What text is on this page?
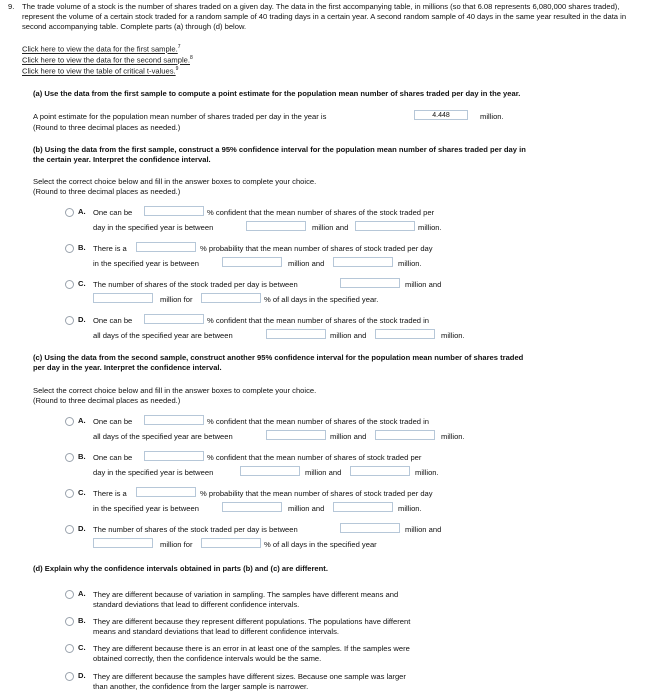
9. The trade volume of a stock is the number of shares traded on a given day. The data in the first accompanying table, in millions (so that 6.08 represents 6,080,000 shares traded), represent the volume of a certain stock traded for a random sample of 40 trading days in a certain year. A second random sample of 40 days in the same year resulted in the data in second accompanying table. Complete parts (a) through (d) below.
Click here to view the data for the first sample.$^7$
Click here to view the data for the second sample.$^8$
Click here to view the table of critical t-values.$^9$
(a) Use the data from the first sample to compute a point estimate for the population mean number of shares traded per day in the year.
A point estimate for the population mean number of shares traded per day in the year is	4.448	million.
(Round to three decimal places as needed.)
(b) Using the data from the first sample, construct a 95% confidence interval for the population mean number of shares traded per day in
the certain year. Interpret the confidence interval.
Select the correct choice below and fill in the answer boxes to complete your choice.
(Round to three decimal places as needed.)
A. One can be	% confident that the mean number of shares of the stock traded per
day in the specified year is between	million and	million.
B. There is a	% probability that the mean number of shares of stock traded per day
in the specified year is between	million and	million.
C. The number of shares of the stock traded per day is between	million and
million for	% of all days in the specified year.
D. One can be	% confident that the mean number of shares of the stock traded in
all days of the specified year are between	million and	million.
(c) Using the data from the second sample, construct another 95% confidence interval for the population mean number of shares traded
per day in the year. Interpret the confidence interval.
Select the correct choice below and fill in the answer boxes to complete your choice.
(Round to three decimal places as needed.)
A. One can be	% confident that the mean number of shares of the stock traded in
all days of the specified year are between	million and	million.
B. One can be	% confident that the mean number of shares of stock traded per
day in the specified year is between	million and	million.
C. There is a	% probability that the mean number of shares of stock traded per day
in the specified year is between	million and	million.
D. The number of shares of the stock traded per day is between	million and
million for	% of all days in the specified year
(d) Explain why the confidence intervals obtained in parts (b) and (c) are different.
A. They are different because of variation in sampling. The samples have different means and
standard deviations that lead to different confidence intervals.
B. They are different because they represent different populations. The populations have different
means and standard deviations that lead to different confidence intervals.
C. They are different because there is an error in at least one of the samples. If the samples were
obtained correctly, then the confidence intervals would be the same.
D. They are different because the samples have different sizes. Because one sample was larger
than another, the confidence from the larger sample is narrower.
